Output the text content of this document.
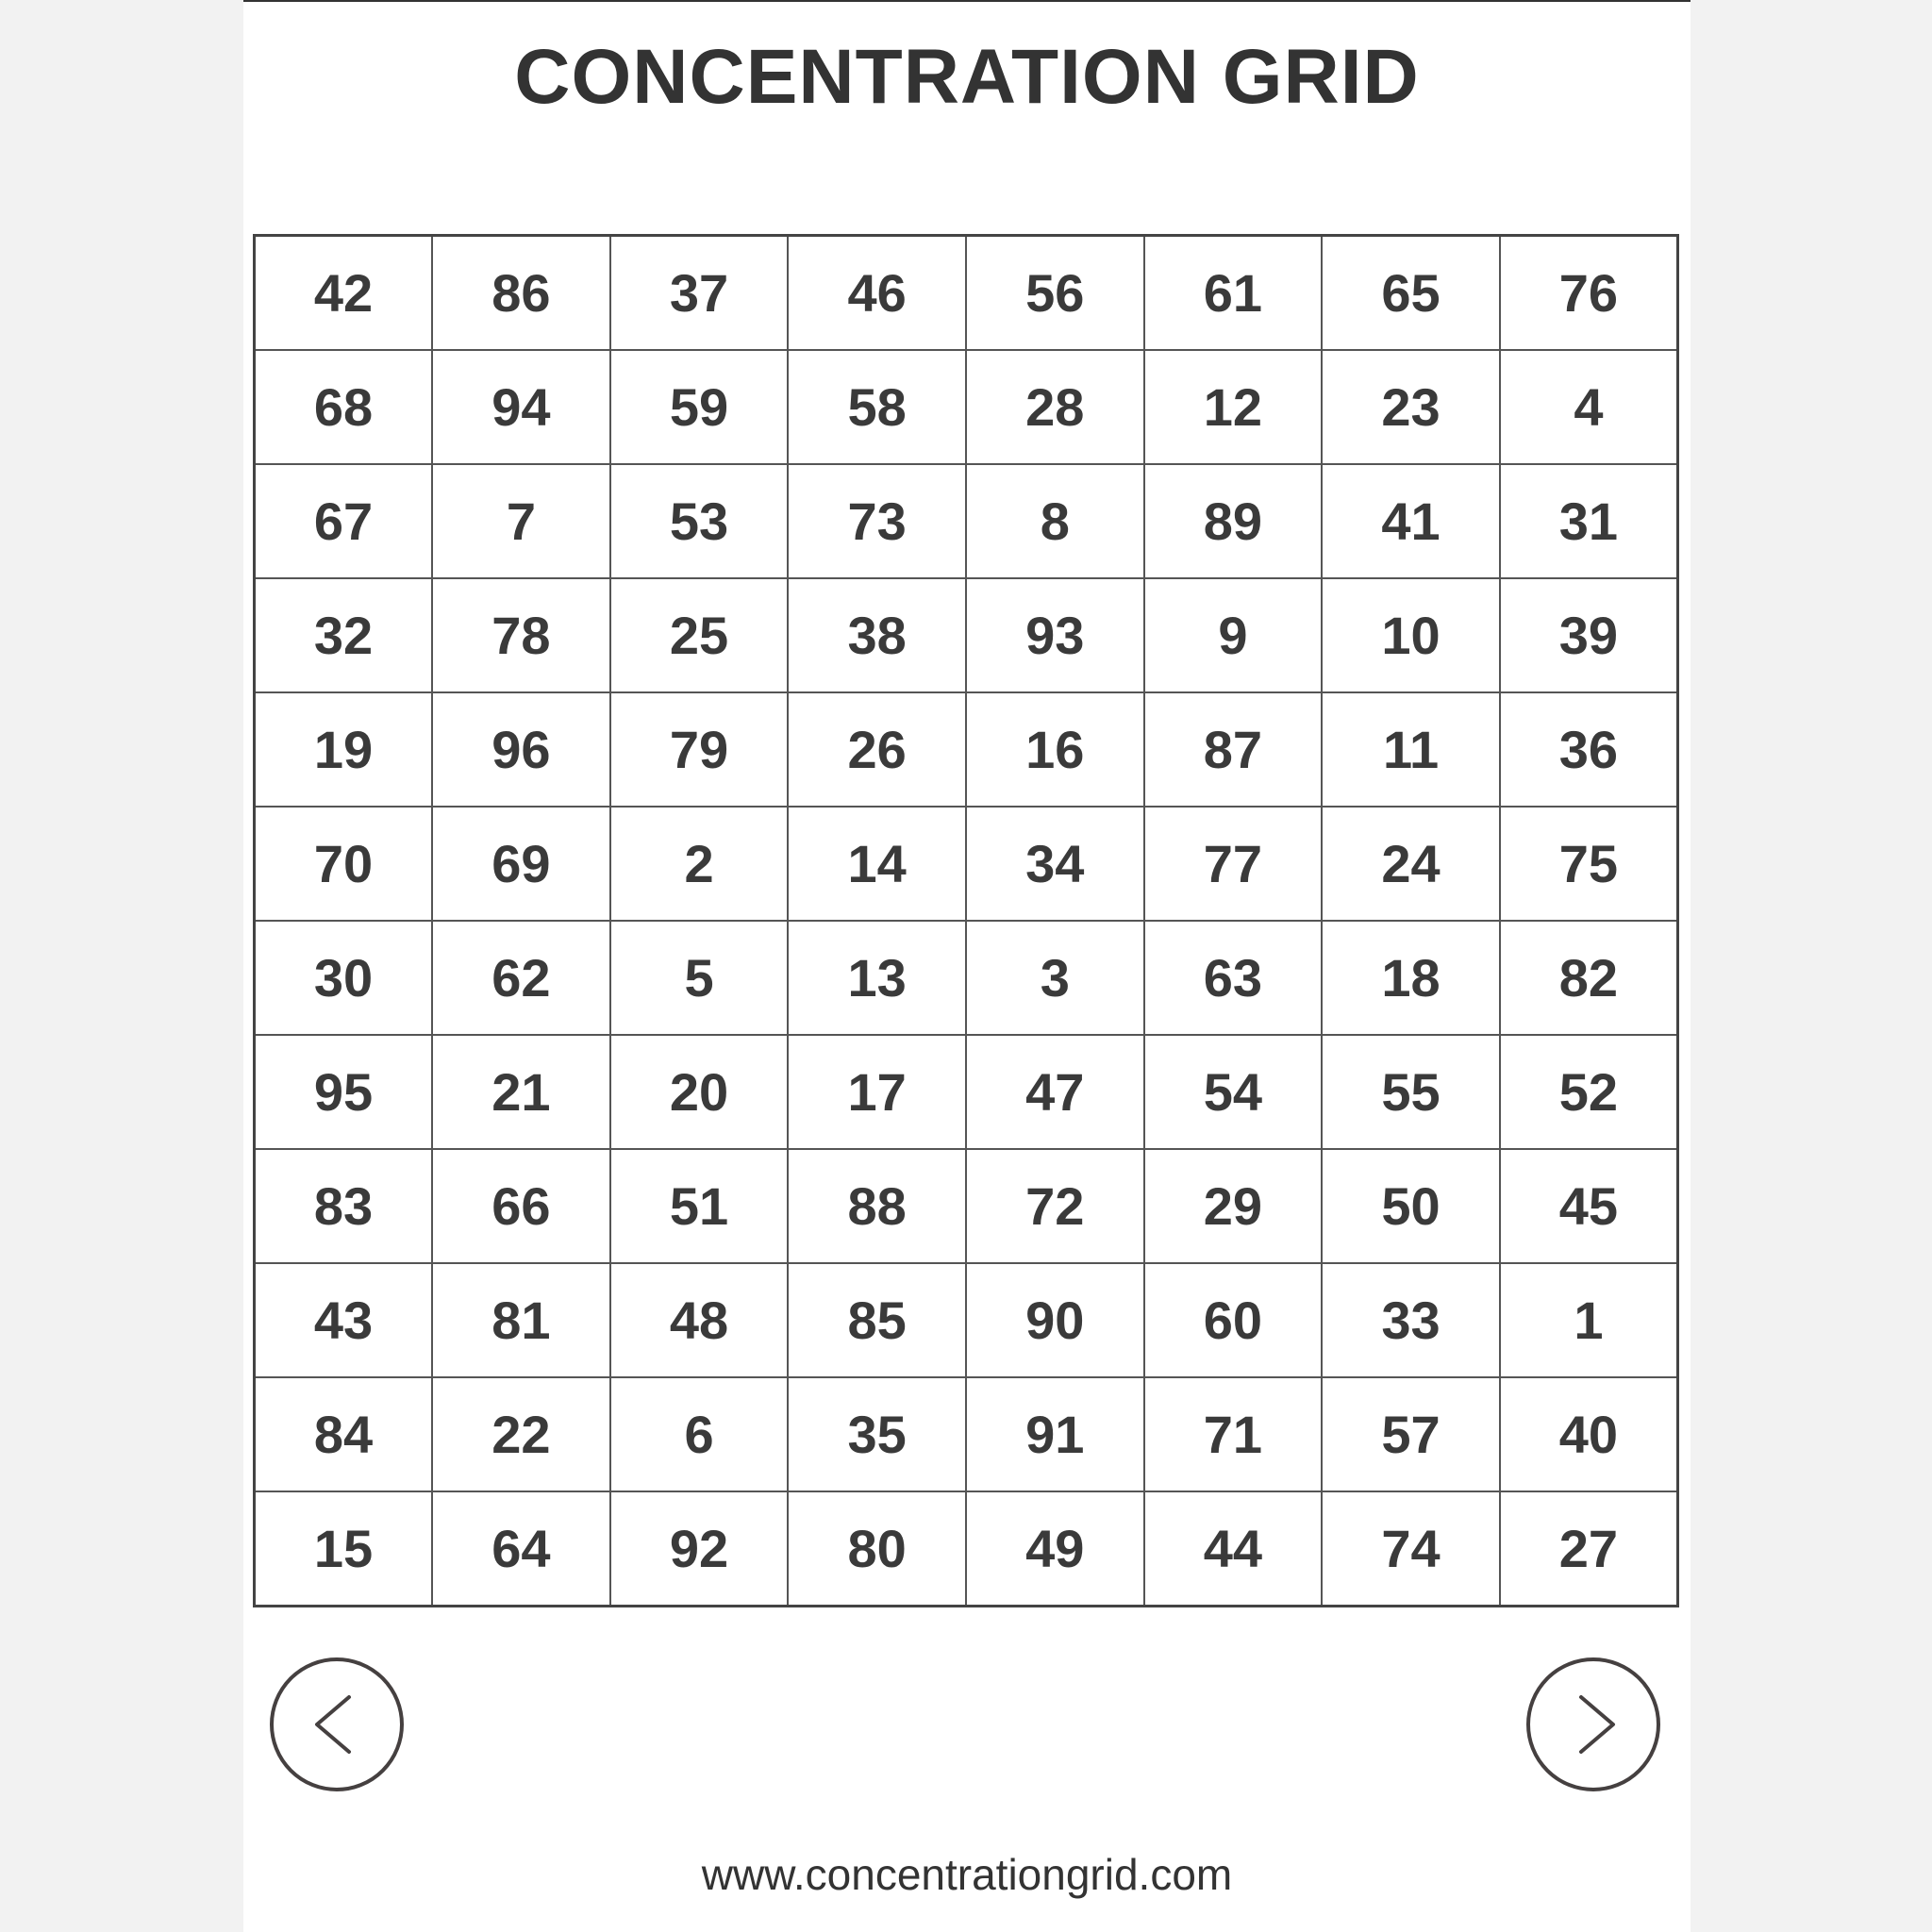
CONCENTRATION GRID
42	86	37	46	56	61	65	76
68	94	59	58	28	12	23	4
67	7	53	73	8	89	41	31
32	78	25	38	93	9	10	39
19	96	79	26	16	87	11	36
70	69	2	14	34	77	24	75
30	62	5	13	3	63	18	82
95	21	20	17	47	54	55	52
83	66	51	88	72	29	50	45
43	81	48	85	90	60	33	1
84	22	6	35	91	71	57	40
15	64	92	80	49	44	74	27
www.concentrationgrid.com
